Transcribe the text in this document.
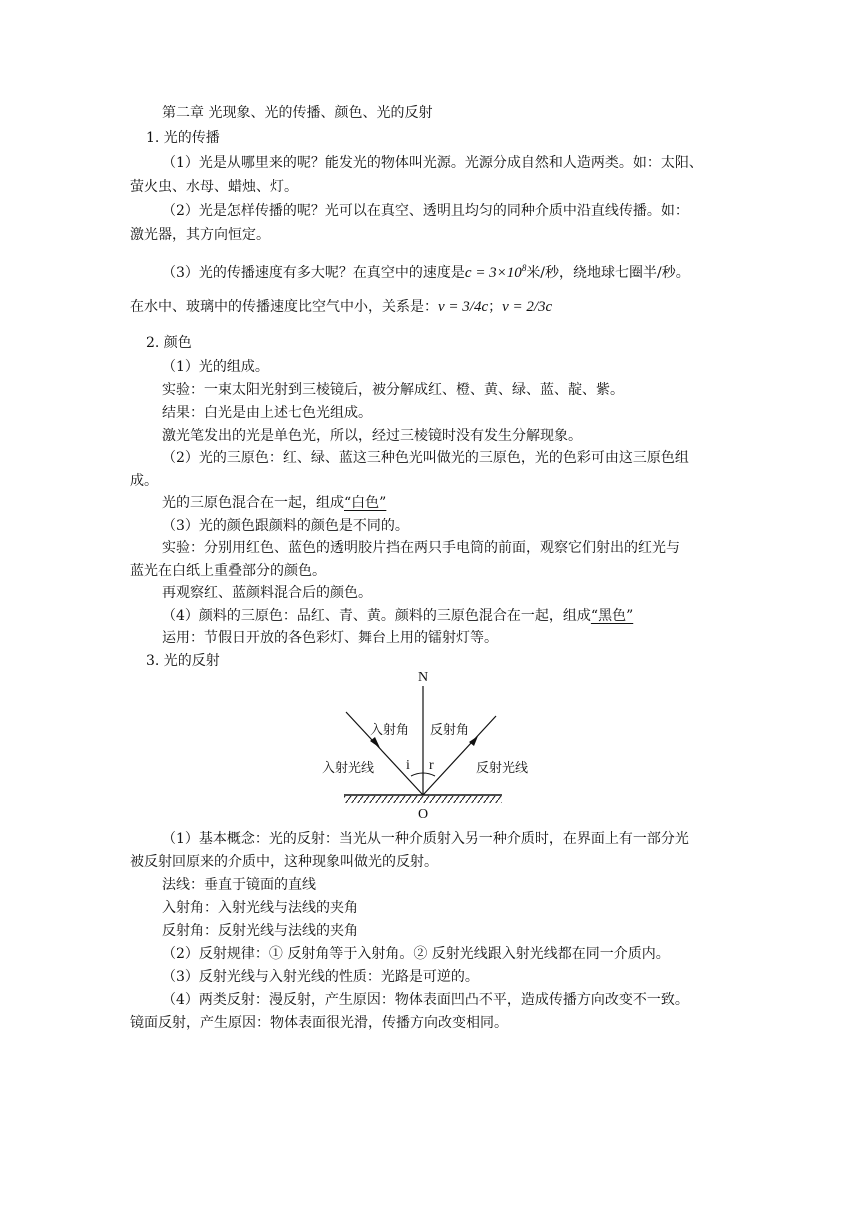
第二章 光现象、光的传播、颜色、光的反射
1. 光的传播
（1）光是从哪里来的呢？能发光的物体叫光源。光源分成自然和人造两类。如：太阳、
萤火虫、水母、蜡烛、灯。
（2）光是怎样传播的呢？光可以在真空、透明且均匀的同种介质中沿直线传播。如：
激光器，其方向恒定。
（3）光的传播速度有多大呢？在真空中的速度是$c = 3\times 10^8$米/秒，绕地球七圈半/秒。
在水中、玻璃中的传播速度比空气中小，关系是：v = 3/4c；v = 2/3c
2. 颜色
（1）光的组成。
实验：一束太阳光射到三棱镜后，被分解成红、橙、黄、绿、蓝、靛、紫。
结果：白光是由上述七色光组成。
激光笔发出的光是单色光，所以，经过三棱镜时没有发生分解现象。
（2）光的三原色：红、绿、蓝这三种色光叫做光的三原色，光的色彩可由这三原色组
成。
光的三原色混合在一起，组成“白色”
（3）光的颜色跟颜料的颜色是不同的。
实验：分别用红色、蓝色的透明胶片挡在两只手电筒的前面，观察它们射出的红光与
蓝光在白纸上重叠部分的颜色。
再观察红、蓝颜料混合后的颜色。
（4）颜料的三原色：品红、青、黄。颜料的三原色混合在一起，组成“黑色”
运用：节假日开放的各色彩灯、舞台上用的镭射灯等。
3. 光的反射
N
O
入射角 反射角
入射光线	反射光线
i r
（1）基本概念：光的反射：当光从一种介质射入另一种介质时，在界面上有一部分光
被反射回原来的介质中，这种现象叫做光的反射。
法线：垂直于镜面的直线
入射角：入射光线与法线的夹角
反射角：反射光线与法线的夹角
（2）反射规律：① 反射角等于入射角。② 反射光线跟入射光线都在同一介质内。
（3）反射光线与入射光线的性质：光路是可逆的。
（4）两类反射：漫反射，产生原因：物体表面凹凸不平，造成传播方向改变不一致。
镜面反射，产生原因：物体表面很光滑，传播方向改变相同。
